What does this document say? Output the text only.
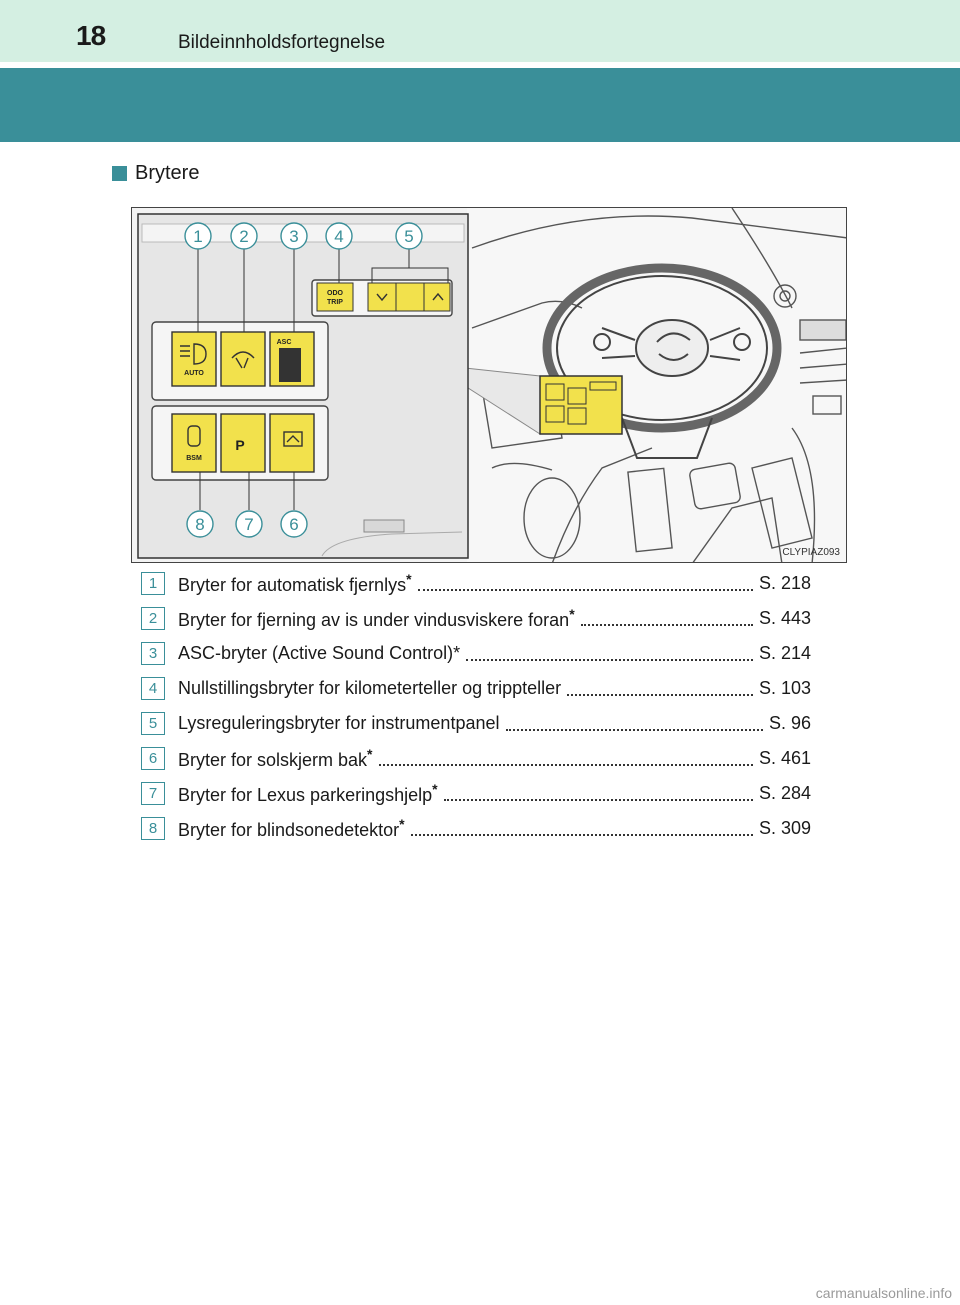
18	Bildeinnholdsfortegnelse
Brytere
ODO
TRIP
AUTO
ASC
BSM
P
1 2 3 4	5
8 7 6
CLYPIAZ093
1	Bryter for automatisk fjernlys*	S. 218
2	Bryter for fjerning av is under vindusviskere foran*	S. 443
3	ASC-bryter (Active Sound Control)*	S. 214
4	Nullstillingsbryter for kilometerteller og trippteller	S. 103
5	Lysreguleringsbryter for instrumentpanel	S. 96
6	Bryter for solskjerm bak*	S. 461
7	Bryter for Lexus parkeringshjelp*	S. 284
8	Bryter for blindsonedetektor*	S. 309
carmanualsonline.info
